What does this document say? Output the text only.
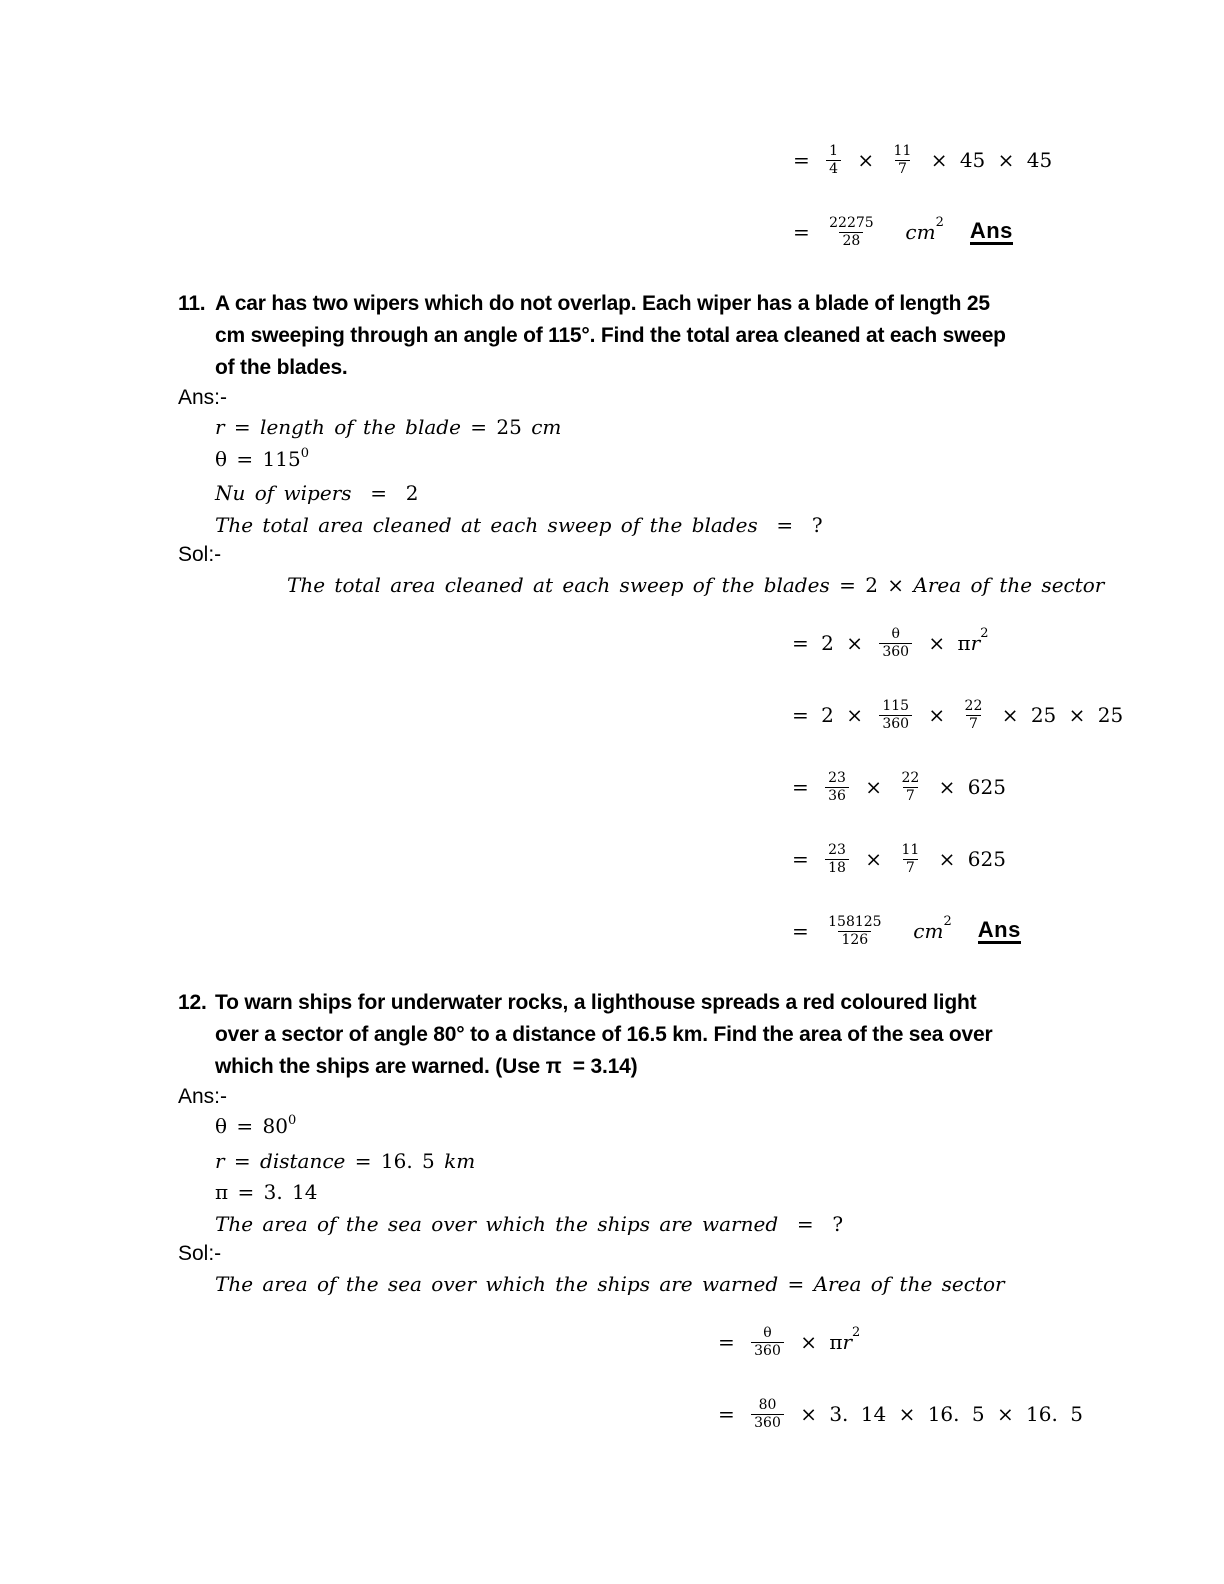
= $\frac{1}{4} \times \frac{11}{7} \times 45 \times 45$
= $\frac{22275}{28}$
cm 2 Ans
11. A car has two wipers which do not overlap. Each wiper has a blade of length 25
cm sweeping through an angle of 115°. Find the total area cleaned at each sweep
of the blades.
Ans:-
r = length of the blade = 25 cm
$\theta = 115^0$
Nu of wipers  =  2
The total area cleaned at each sweep of the blades  =  ?
Sol:-
The total area cleaned at each sweep of the blades = 2 × Area of the sector
= $2 \times \frac{\theta}{360} \times \pi$ r 2
= $2 \times \frac{115}{360} \times \frac{22}{7} \times 25 \times 25$
= $\frac{23}{36} \times \frac{22}{7} \times 625$
= $\frac{23}{18} \times \frac{11}{7} \times 625$
= $\frac{158125}{126}$
cm 2 Ans
12. To warn ships for underwater rocks, a lighthouse spreads a red coloured light
over a sector of angle 80° to a distance of 16.5 km. Find the area of the sea over
which the ships are warned. (Use π  = 3.14)
Ans:-
$\theta = 80^0$
r = distance = 16. 5 km
π = 3. 14
The area of the sea over which the ships are warned  =  ?
Sol:-
The area of the sea over which the ships are warned = Area of the sector
= $\frac{\theta}{360} \times \pi$ r 2
= $\frac{80}{360} \times 3$. 14 × 16. 5 × 16. 5
